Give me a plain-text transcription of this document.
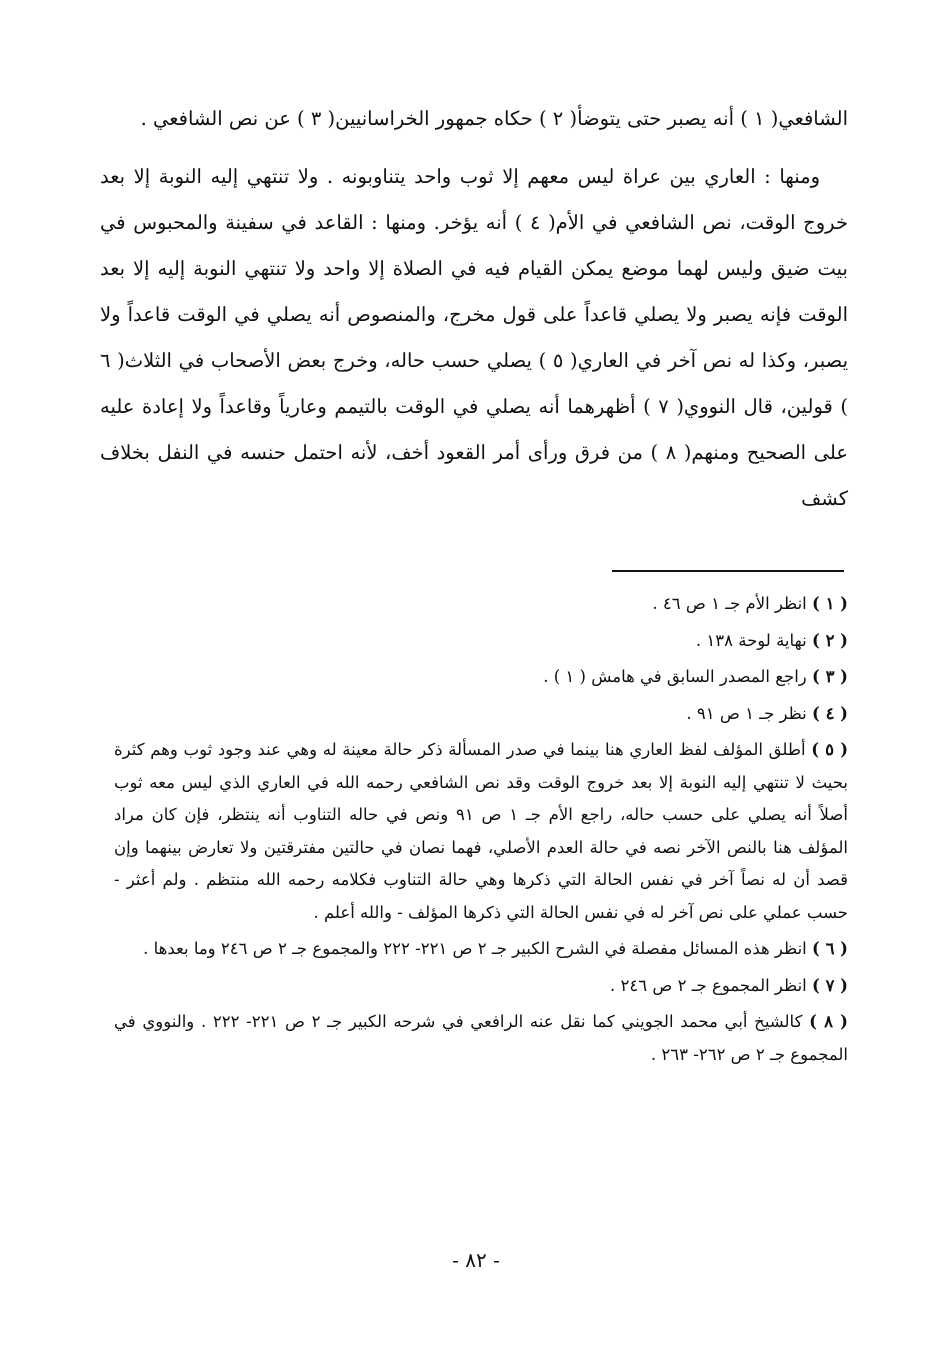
الشافعي( ١ ) أنه يصبر حتى يتوضأ( ٢ ) حكاه جمهور الخراسانيين( ٣ ) عن نص الشافعي .

ومنها : العاري بين عراة ليس معهم إلا ثوب واحد يتناوبونه . ولا تنتهي إليه النوبة إلا بعد خروج الوقت، نص الشافعي في الأم( ٤ ) أنه يؤخر. ومنها : القاعد في سفينة والمحبوس في بيت ضيق وليس لهما موضع يمكن القيام فيه في الصلاة إلا واحد ولا تنتهي النوبة إليه إلا بعد الوقت فإنه يصبر ولا يصلي قاعداً على قول مخرج، والمنصوص أنه يصلي في الوقت قاعداً ولا يصبر، وكذا له نص آخر في العاري( ٥ ) يصلي حسب حاله، وخرج بعض الأصحاب في الثلاث( ٦ ) قولين، قال النووي( ٧ ) أظهرهما أنه يصلي في الوقت بالتيمم وعارياً وقاعداً ولا إعادة عليه على الصحيح ومنهم( ٨ ) من فرق ورأى أمر القعود أخف، لأنه احتمل حنسه في النفل بخلاف كشف

( ١ ) انظر الأم جـ ١ ص ٤٦ .

( ٢ ) نهاية لوحة ١٣٨ .

( ٣ ) راجع المصدر السابق في هامش ( ١ ) .

( ٤ ) نظر جـ ١ ص ٩١ .

( ٥ ) أطلق المؤلف لفظ العاري هنا بينما في صدر المسألة ذكر حالة معينة له وهي عند وجود ثوب وهم كثرة بحيث لا تنتهي إليه النوبة إلا بعد خروج الوقت وقد نص الشافعي رحمه الله في العاري الذي ليس معه ثوب أصلاً أنه يصلي على حسب حاله، راجع الأم جـ ١ ص ٩١ ونص في حاله التناوب أنه ينتظر، فإن كان مراد المؤلف هنا بالنص الآخر نصه في حالة العدم الأصلي، فهما نصان في حالتين مفترقتين ولا تعارض بينهما وإن قصد أن له نصاً آخر في نفس الحالة التي ذكرها وهي حالة التناوب فكلامه رحمه الله منتظم . ولم أعثر - حسب عملي على نص آخر له في نفس الحالة التي ذكرها المؤلف - والله أعلم .

( ٦ ) انظر هذه المسائل مفصلة في الشرح الكبير جـ ٢ ص ٢٢١- ٢٢٢ والمجموع جـ ٢ ص ٢٤٦ وما بعدها .

( ٧ ) انظر المجموع جـ ٢ ص ٢٤٦ .

( ٨ ) كالشيخ أبي محمد الجويني كما نقل عنه الرافعي في شرحه الكبير جـ ٢ ص ٢٢١- ٢٢٢ . والنووي في المجموع جـ ٢ ص ٢٦٢- ٢٦٣ .

- ٨٢ -
